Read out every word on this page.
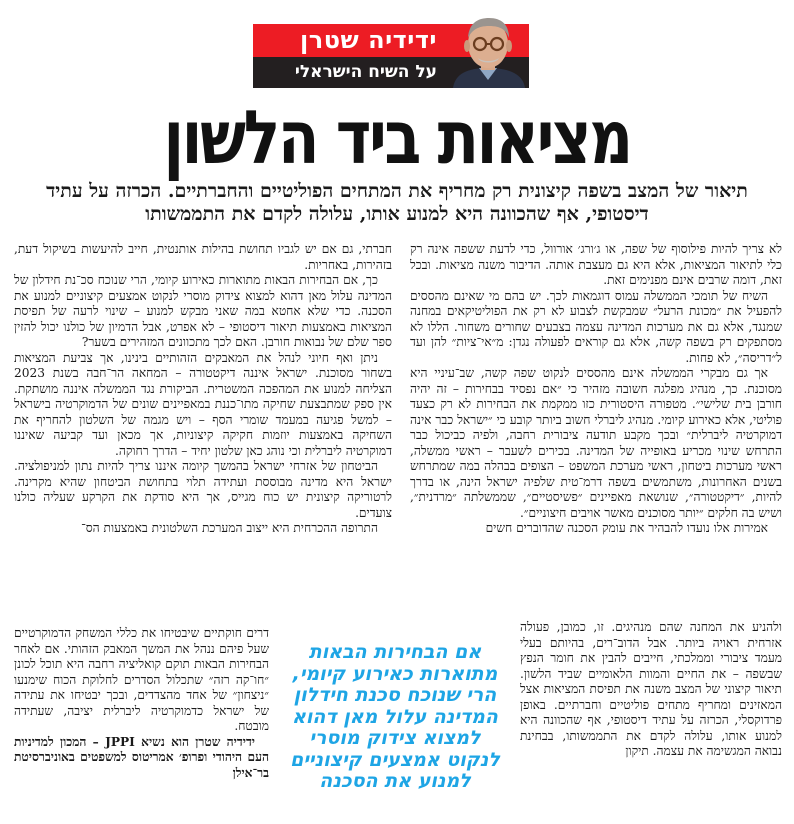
ידידיה שטרן
על השיח הישראלי
מציאות ביד הלשון
תיאור של המצב בשפה קיצונית רק מחריף את המתחים הפוליטיים והחברתיים. הכרזה על עתיד דיסטופי, אף שהכוונה היא למנוע אותו, עלולה לקדם את התממשותו

לא צריך להיות פילוסוף של שפה, או ג׳ורג׳ אורוול, כדי לדעת ששפה אינה רק כלי לתיאור המציאות, אלא היא גם מעצבת אותה. הדיבור משנה מציאות. ובכל זאת, דומה שרבים אינם מפנימים זאת.

השיח של תומכי הממשלה עמוס דוגמאות לכך. יש בהם מי שאינם מהססים להפעיל את ״מכונת הרעל״ שמבקשת לצבוע לא רק את הפוליטיקאים במחנה שמנגד, אלא גם את מערכות המדינה עצמה בצבעים שחורים משחור. הללו לא מסתפקים רק בשפה קשה, אלא גם קוראים לפעולה נגדן: מ״אי־ציות״ להן ועד ל״דריסה״, לא פחות.

אך גם מבקרי הממשלה אינם מהססים לנקוט שפה קשה, שב־עיניי היא מסוכנת. כך, מנהיג מפלגה חשובה מזהיר כי ״אם נפסיד בבחירות – זה יהיה חורבן בית שלישי״. מטפורה היסטורית כזו ממקמת את הבחירות לא רק כצעד פוליטי, אלא כאירוע קיומי. מנהיג ליברלי חשוב ביותר קובע כי ״ישראל כבר אינה דמוקרטיה ליברלית״ ובכך מקבע תודעה ציבורית רחבה, ולפיה כביכול כבר התרחש שינוי מכריע באופייה של המדינה. בכירים לשעבר – ראשי ממשלה, ראשי מערכות ביטחון, ראשי מערכת המשפט – הצופים בבהלה במה שמתרחש בשנים האחרונות, משתמשים בשפה דרמ־טית שלפיה ישראל הינה, או בדרך להיות, ״דיקטטורה״, שנושאת מאפיינים ״פשיסטיים״, שממשלתה ״מרדנית״, ושיש בה חלקים ״יותר מסוכנים מאשר אויבים חיצוניים״.

אמירות אלו נועדו להבהיר את עומק הסכנה שהדוברים חשים

ולהניע את המחנה שהם מנהיגים. זו, כמובן, פעולה אזרחית ראויה ביותר. אבל הדוב־רים, בהיותם בעלי מעמד ציבורי וממלכתי, חייבים להבין את חומר הנפץ שבשפה – את החיים והמוות הלאומיים שביד הלשון. תיאור קיצוני של המצב משנה את תפיסת המציאות אצל המאזינים ומחריף מתחים פוליטיים וחברתיים. באופן פרדוקסלי, הכרזה על עתיד דיסטופי, אף שהכוונה היא למנוע אותו, עלולה לקדם את התממשותו, בבחינת נבואה המגשימה את עצמה. תיקון

חברתי, גם אם יש לגביו תחושת בהילות אותנטית, חייב להיעשות בשיקול דעת, בזהירות, באחריות.

כך, אם הבחירות הבאות מתוארות כאירוע קיומי, הרי שנוכח סכ־נת חידלון של המדינה עלול מאן דהוא למצוא צידוק מוסרי לנקוט אמצעים קיצוניים למנוע את הסכנה. כדי שלא אחטא במה שאני מבקש למנוע – שינוי לרעה של תפיסת המציאות באמצעות תיאור דיסטופי – לא אפרט, אבל הדמיון של כולנו יכול להזין ספר שלם של נבואות חורבן. האם לכך מתכוונים המזהירים בשער?

ניתן ואף חיוני לנהל את המאבקים הזהותיים בינינו, אך צביעת המציאות בשחור מסוכנת. ישראל איננה דיקטטורה – המחאה הר־חבה בשנת 2023 הצליחה למנוע את המהפכה המשטרית. הביקורת נגד הממשלה איננה מושתקת. אין ספק שמתבצעת שחיקה מתו־כננת במאפיינים שונים של הדמוקרטיה בישראל – למשל פגיעה במעמד שומרי הסף – ויש מגמה של השלטון להחריף את השחיקה באמצעות יוזמות חקיקה קיצוניות, אך מכאן ועד קביעה שאיננו דמוקרטיה ליברלית וכי נוהג כאן שלטון יחיד – הדרך רחוקה.

הביטחון של אזרחי ישראל בהמשך קיומה איננו צריך להיות נתון למניפולציה. ישראל היא מדינה מבוססת ועתידה תלוי בתחושת הביטחון שהיא מקרינה. לרטוריקה קיצונית יש כוח מגייס, אך היא סודקת את הקרקע שעליה כולנו צועדים.

התרופה ההכרחית היא ייצוב המערכת השלטונית באמצעות הס־

דרים חוקתיים שיבטיחו את כללי המשחק הדמוקרטיים שעל פיהם ננהל את המשך המאבק הזהותי. אם לאחר הבחירות הבאות תוקם קואליציה רחבה היא תוכל לכונן ״חו־קה רזה״ שתכלול הסדרים לחלוקת הכוח שימנעו ״ניצחון״ של אחד מהצדדים, ובכך יבטיחו את עתידה של ישראל כדמוקרטיה ליברלית יציבה, שעתידה מובטח.

ידידיה שטרן הוא נשיא JPPI – המכון למדיניות העם היהודי ופרופ׳ אמריטוס למשפטים באוניברסיטת בר־אילן

אם הבחירות הבאות מתוארות כאירוע קיומי, הרי שנוכח סכנת חידלון המדינה עלול מאן דהוא למצוא צידוק מוסרי לנקוט אמצעים קיצוניים למנוע את הסכנה
